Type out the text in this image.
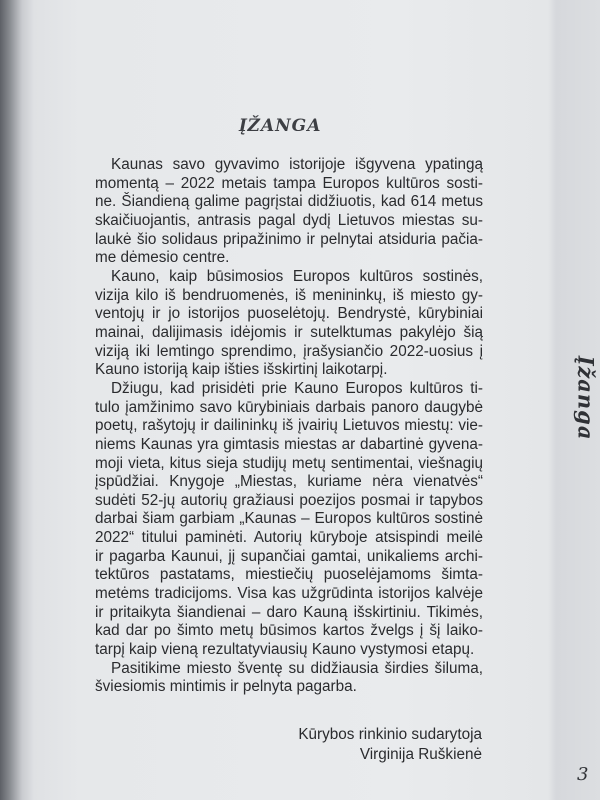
ĮŽANGA
Kaunas savo gyvavimo istorijoje išgyvena ypatingą
momentą – 2022 metais tampa Europos kultūros sosti-
ne. Šiandieną galime pagrįstai didžiuotis, kad 614 metus
skaičiuojantis, antrasis pagal dydį Lietuvos miestas su-
laukė šio solidaus pripažinimo ir pelnytai atsiduria pačia-
me dėmesio centre.
Kauno, kaip būsimosios Europos kultūros sostinės,
vizija kilo iš bendruomenės, iš menininkų, iš miesto gy-
ventojų ir jo istorijos puoselėtojų. Bendrystė, kūrybiniai
mainai, dalijimasis idėjomis ir sutelktumas pakylėjo šią
viziją iki lemtingo sprendimo, įrašysiančio 2022-uosius į
Kauno istoriją kaip išties išskirtinį laikotarpį.
Džiugu, kad prisidėti prie Kauno Europos kultūros ti-
tulo įamžinimo savo kūrybiniais darbais panoro daugybė
poetų, rašytojų ir dailininkų iš įvairių Lietuvos miestų: vie-
niems Kaunas yra gimtasis miestas ar dabartinė gyvena-
moji vieta, kitus sieja studijų metų sentimentai, viešnagių
įspūdžiai. Knygoje „Miestas, kuriame nėra vienatvės“
sudėti 52-jų autorių gražiausi poezijos posmai ir tapybos
darbai šiam garbiam „Kaunas – Europos kultūros sostinė
2022“ titului paminėti. Autorių kūryboje atsispindi meilė
ir pagarba Kaunui, jį supančiai gamtai, unikaliems archi-
tektūros pastatams, miestiečių puoselėjamoms šimta-
metėms tradicijoms. Visa kas užgrūdinta istorijos kalvėje
ir pritaikyta šiandienai – daro Kauną išskirtiniu. Tikimės,
kad dar po šimto metų būsimos kartos žvelgs į šį laiko-
tarpį kaip vieną rezultatyviausių Kauno vystymosi etapų.
Pasitikime miesto šventę su didžiausia širdies šiluma,
šviesiomis mintimis ir pelnyta pagarba.
Kūrybos rinkinio sudarytoja
Virginija Ruškienė
Įžanga
3
